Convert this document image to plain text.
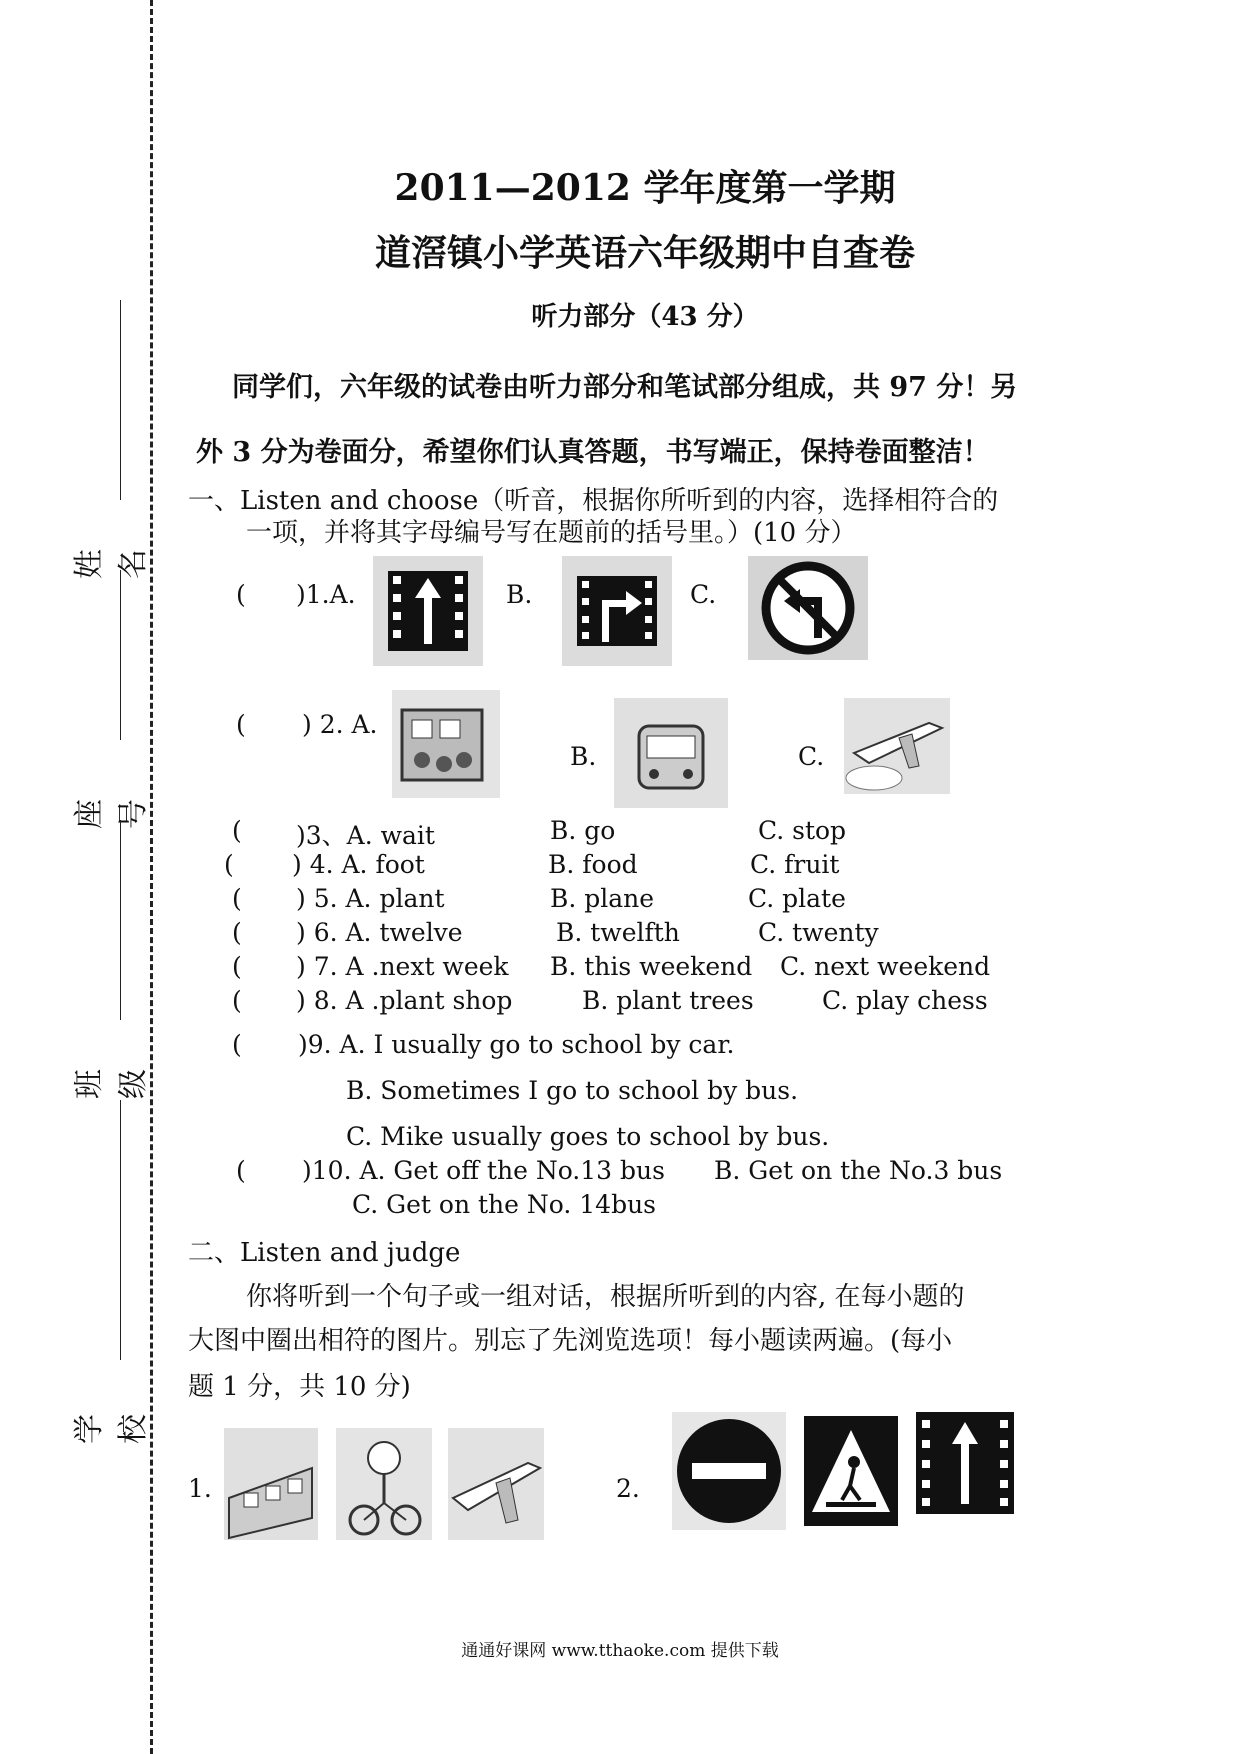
姓名
座号
班级
学校
2011—2012 学年度第一学期
道滘镇小学英语六年级期中自查卷
听力部分（43 分）
同学们，六年级的试卷由听力部分和笔试部分组成，共 97 分！另
外 3 分为卷面分，希望你们认真答题，书写端正，保持卷面整洁！
一、Listen and choose（听音，根据你所听到的内容，选择相符合的
一项，并将其字母编号写在题前的括号里。）(10 分）
( )1.A.	B.	C.
( ) 2. A.
B.	C.
( )3、A. wait	B. go	C. stop
( ) 4. A. foot	B. food	C. fruit
( ) 5. A. plant	B. plane	C. plate
( ) 6. A. twelve	B. twelfth	C. twenty
( ) 7. A .next week B. this weekend C. next weekend
( ) 8. A .plant shop	B. plant trees	C. play chess
( )9. A. I usually go to school by car.
B. Sometimes I go to school by bus.
C. Mike usually goes to school by bus.
( )10. A. Get off the No.13 bus B. Get on the No.3 bus
C. Get on the No. 14bus
二、Listen and judge
你将听到一个句子或一组对话，根据所听到的内容, 在每小题的
大图中圈出相符的图片。别忘了先浏览选项！每小题读两遍。(每小
题 1 分，共 10 分)
1.	2.
通通好课网 www.tthaoke.com 提供下载
